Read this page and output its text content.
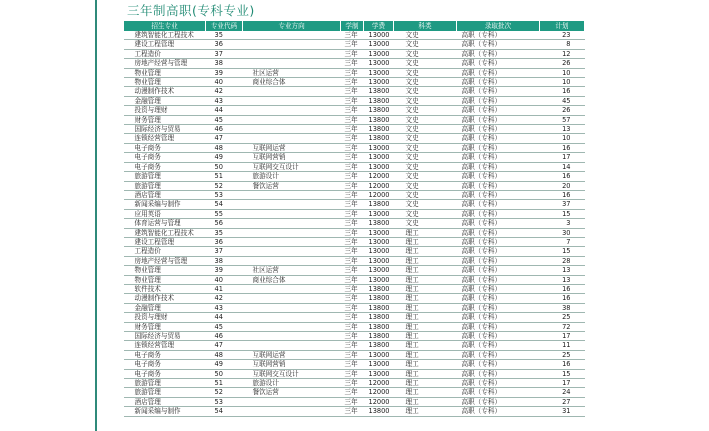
三年制高职(专科专业)
招生专业	专业代码	专业方向	学制	学费	科类	录取批次	计划
建筑智能化工程技术	35		三年	13000	文史	高职（专科）	23
建设工程管理	36		三年	13000	文史	高职（专科）	8
工程造价	37		三年	13000	文史	高职（专科）	12
房地产经营与管理	38		三年	13000	文史	高职（专科）	26
物业管理	39	社区运营	三年	13000	文史	高职（专科）	10
物业管理	40	商业综合体	三年	13000	文史	高职（专科）	10
动漫制作技术	42		三年	13800	文史	高职（专科）	16
金融管理	43		三年	13800	文史	高职（专科）	45
投资与理财	44		三年	13800	文史	高职（专科）	26
财务管理	45		三年	13800	文史	高职（专科）	57
国际经济与贸易	46		三年	13800	文史	高职（专科）	13
连锁经营管理	47		三年	13800	文史	高职（专科）	10
电子商务	48	互联网运营	三年	13000	文史	高职（专科）	16
电子商务	49	互联网营销	三年	13000	文史	高职（专科）	17
电子商务	50	互联网交互设计	三年	13000	文史	高职（专科）	14
旅游管理	51	旅游设计	三年	12000	文史	高职（专科）	16
旅游管理	52	餐饮运营	三年	12000	文史	高职（专科）	20
酒店管理	53		三年	12000	文史	高职（专科）	16
新闻采编与制作	54		三年	13800	文史	高职（专科）	37
应用英语	55		三年	13000	文史	高职（专科）	15
体育运营与管理	56		三年	13800	文史	高职（专科）	3
建筑智能化工程技术	35		三年	13000	理工	高职（专科）	30
建设工程管理	36		三年	13000	理工	高职（专科）	7
工程造价	37		三年	13000	理工	高职（专科）	15
房地产经营与管理	38		三年	13000	理工	高职（专科）	28
物业管理	39	社区运营	三年	13000	理工	高职（专科）	13
物业管理	40	商业综合体	三年	13000	理工	高职（专科）	13
软件技术	41		三年	13800	理工	高职（专科）	16
动漫制作技术	42		三年	13800	理工	高职（专科）	16
金融管理	43		三年	13800	理工	高职（专科）	38
投资与理财	44		三年	13800	理工	高职（专科）	25
财务管理	45		三年	13800	理工	高职（专科）	72
国际经济与贸易	46		三年	13800	理工	高职（专科）	17
连锁经营管理	47		三年	13800	理工	高职（专科）	11
电子商务	48	互联网运营	三年	13000	理工	高职（专科）	25
电子商务	49	互联网营销	三年	13000	理工	高职（专科）	16
电子商务	50	互联网交互设计	三年	13000	理工	高职（专科）	15
旅游管理	51	旅游设计	三年	12000	理工	高职（专科）	17
旅游管理	52	餐饮运营	三年	12000	理工	高职（专科）	24
酒店管理	53		三年	12000	理工	高职（专科）	27
新闻采编与制作	54		三年	13800	理工	高职（专科）	31
